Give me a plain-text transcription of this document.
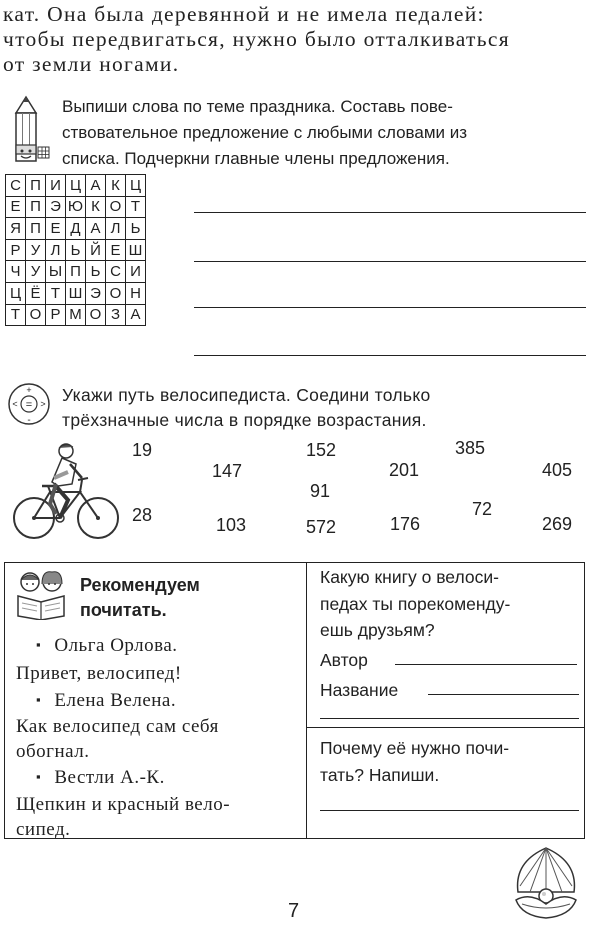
кат. Она была деревянной и не имела педалей:
чтобы передвигаться, нужно было отталкиваться
от земли ногами.
Выпиши слова по теме праздника. Составь пове-
ствовательное предложение с любыми словами из
списка. Подчеркни главные члены предложения.
С	П	И	Ц	А	К	Ц
Е	П	Э	Ю	К	О	Т
Я	П	Е	Д	А	Л	Ь
Р	У	Л	Ь	Й	Е	Ш
Ч	У	Ы	П	Ь	С	И
Ц	Ё	Т	Ш	Э	О	Н
Т	О	Р	М	О	З	А
=
+
-
<	> Укажи путь велосипедиста. Соедини только
трёхзначные числа в порядке возрастания.
19
147
152
91
201
385
405
28	103	572	176
72
269
Рекомендуем
почитать.
▪ Ольга Орлова.
Привет, велосипед!
▪ Елена Велена.
Как велосипед сам себя
обогнал.
▪ Вестли А.-К.
Щепкин и красный вело-
сипед.
Какую книгу о велоси-
педах ты порекоменду-
ешь друзьям?
Автор
Название
Почему её нужно почи-
тать? Напиши.
7
